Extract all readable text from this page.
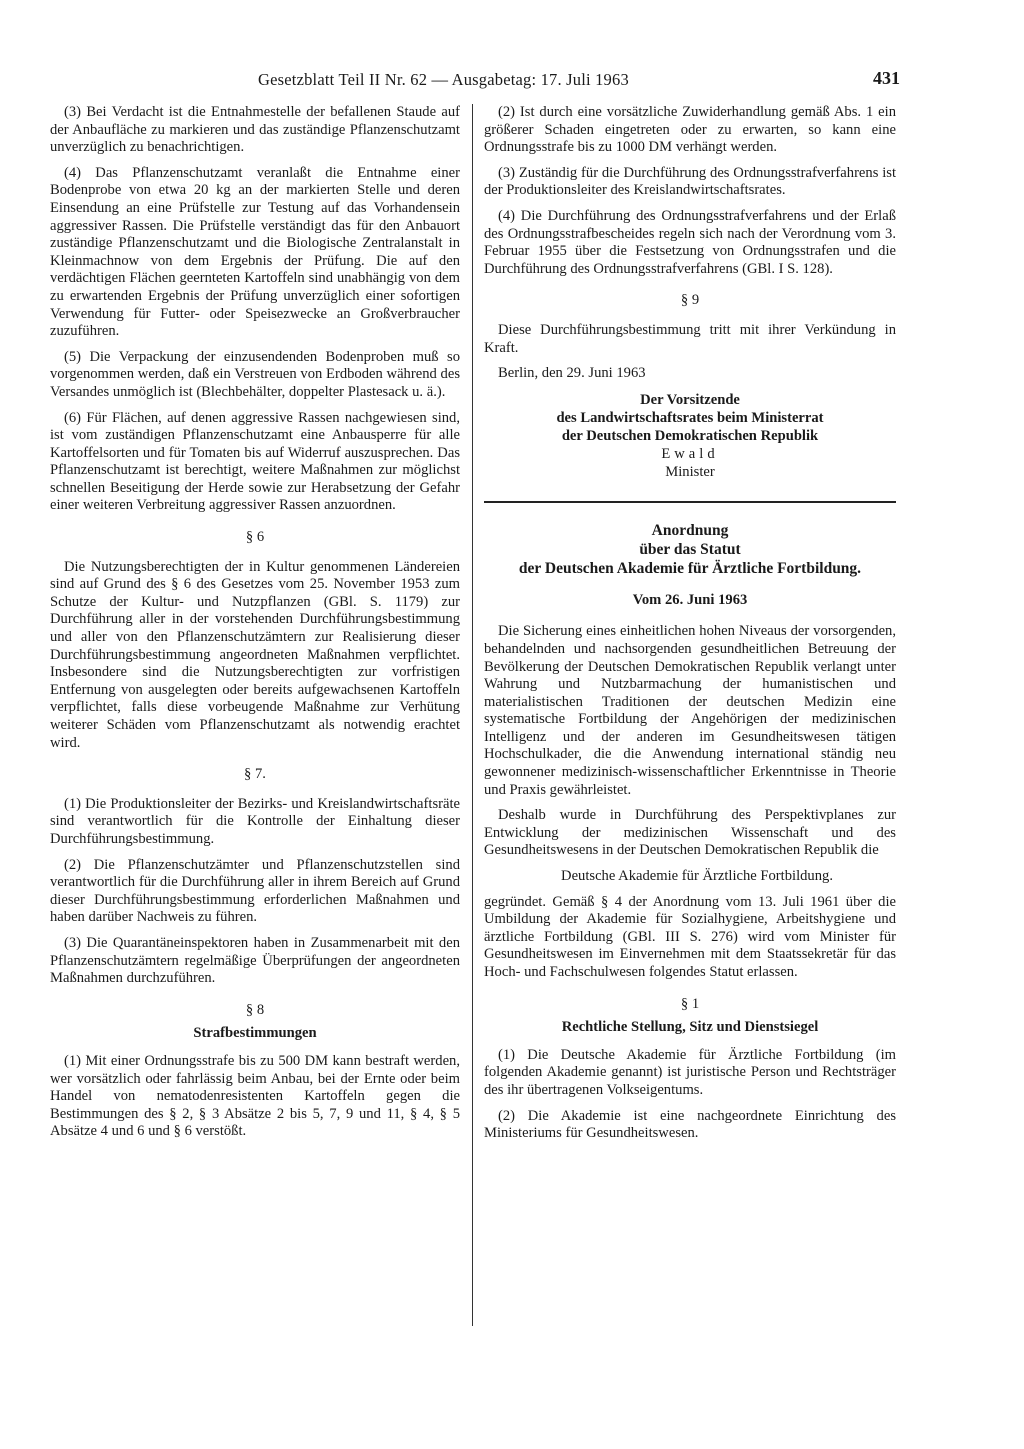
Gesetzblatt Teil II Nr. 62 — Ausgabetag: 17. Juli 1963	431

(3) Bei Verdacht ist die Entnahmestelle der befallenen Staude auf der Anbaufläche zu markieren und das zuständige Pflanzenschutzamt unverzüglich zu benachrichtigen.

(4) Das Pflanzenschutzamt veranlaßt die Entnahme einer Bodenprobe von etwa 20 kg an der markierten Stelle und deren Einsendung an eine Prüfstelle zur Testung auf das Vorhandensein aggressiver Rassen. Die Prüfstelle verständigt das für den Anbauort zuständige Pflanzenschutzamt und die Biologische Zentralanstalt in Kleinmachnow von dem Ergebnis der Prüfung. Die auf den verdächtigen Flächen geernteten Kartoffeln sind unabhängig von dem zu erwartenden Ergebnis der Prüfung unverzüglich einer sofortigen Verwendung für Futter- oder Speisezwecke an Großverbraucher zuzuführen.

(5) Die Verpackung der einzusendenden Bodenproben muß so vorgenommen werden, daß ein Verstreuen von Erdboden während des Versandes unmöglich ist (Blechbehälter, doppelter Plastesack u. ä.).

(6) Für Flächen, auf denen aggressive Rassen nachgewiesen sind, ist vom zuständigen Pflanzenschutzamt eine Anbausperre für alle Kartoffelsorten und für Tomaten bis auf Widerruf auszusprechen. Das Pflanzenschutzamt ist berechtigt, weitere Maßnahmen zur möglichst schnellen Beseitigung der Herde sowie zur Herabsetzung der Gefahr einer weiteren Verbreitung aggressiver Rassen anzuordnen.

§ 6

Die Nutzungsberechtigten der in Kultur genommenen Ländereien sind auf Grund des § 6 des Gesetzes vom 25. November 1953 zum Schutze der Kultur- und Nutzpflanzen (GBl. S. 1179) zur Durchführung aller in der vorstehenden Durchführungsbestimmung und aller von den Pflanzenschutzämtern zur Realisierung dieser Durchführungsbestimmung angeordneten Maßnahmen verpflichtet. Insbesondere sind die Nutzungsberechtigten zur vorfristigen Entfernung von ausgelegten oder bereits aufgewachsenen Kartoffeln verpflichtet, falls diese vorbeugende Maßnahme zur Verhütung weiterer Schäden vom Pflanzenschutzamt als notwendig erachtet wird.

§ 7.

(1) Die Produktionsleiter der Bezirks- und Kreislandwirtschaftsräte sind verantwortlich für die Kontrolle der Einhaltung dieser Durchführungsbestimmung.

(2) Die Pflanzenschutzämter und Pflanzenschutzstellen sind verantwortlich für die Durchführung aller in ihrem Bereich auf Grund dieser Durchführungsbestimmung erforderlichen Maßnahmen und haben darüber Nachweis zu führen.

(3) Die Quarantäneinspektoren haben in Zusammenarbeit mit den Pflanzenschutzämtern regelmäßige Überprüfungen der angeordneten Maßnahmen durchzuführen.

§ 8
Strafbestimmungen

(1) Mit einer Ordnungsstrafe bis zu 500 DM kann bestraft werden, wer vorsätzlich oder fahrlässig beim Anbau, bei der Ernte oder beim Handel von nematodenresistenten Kartoffeln gegen die Bestimmungen des § 2, § 3 Absätze 2 bis 5, 7, 9 und 11, § 4, § 5 Absätze 4 und 6 und § 6 verstößt.

(2) Ist durch eine vorsätzliche Zuwiderhandlung gemäß Abs. 1 ein größerer Schaden eingetreten oder zu erwarten, so kann eine Ordnungsstrafe bis zu 1000 DM verhängt werden.

(3) Zuständig für die Durchführung des Ordnungsstrafverfahrens ist der Produktionsleiter des Kreislandwirtschaftsrates.

(4) Die Durchführung des Ordnungsstrafverfahrens und der Erlaß des Ordnungsstrafbescheides regeln sich nach der Verordnung vom 3. Februar 1955 über die Festsetzung von Ordnungsstrafen und die Durchführung des Ordnungsstrafverfahrens (GBl. I S. 128).

§ 9

Diese Durchführungsbestimmung tritt mit ihrer Verkündung in Kraft.

Berlin, den 29. Juni 1963

Der Vorsitzende
des Landwirtschaftsrates beim Ministerrat
der Deutschen Demokratischen Republik
Ewald
Minister
Anordnung
über das Statut
der Deutschen Akademie für Ärztliche Fortbildung.
Vom 26. Juni 1963

Die Sicherung eines einheitlichen hohen Niveaus der vorsorgenden, behandelnden und nachsorgenden gesundheitlichen Betreuung der Bevölkerung der Deutschen Demokratischen Republik verlangt unter Wahrung und Nutzbarmachung der humanistischen und materialistischen Traditionen der deutschen Medizin eine systematische Fortbildung der Angehörigen der medizinischen Intelligenz und der anderen im Gesundheitswesen tätigen Hochschulkader, die die Anwendung international ständig neu gewonnener medizinisch-wissenschaftlicher Erkenntnisse in Theorie und Praxis gewährleistet.

Deshalb wurde in Durchführung des Perspektivplanes zur Entwicklung der medizinischen Wissenschaft und des Gesundheitswesens in der Deutschen Demokratischen Republik die

Deutsche Akademie für Ärztliche Fortbildung.

gegründet. Gemäß § 4 der Anordnung vom 13. Juli 1961 über die Umbildung der Akademie für Sozialhygiene, Arbeitshygiene und ärztliche Fortbildung (GBl. III S. 276) wird vom Minister für Gesundheitswesen im Einvernehmen mit dem Staatssekretär für das Hoch- und Fachschulwesen folgendes Statut erlassen.

§ 1
Rechtliche Stellung, Sitz und Dienstsiegel

(1) Die Deutsche Akademie für Ärztliche Fortbildung (im folgenden Akademie genannt) ist juristische Person und Rechtsträger des ihr übertragenen Volkseigentums.

(2) Die Akademie ist eine nachgeordnete Einrichtung des Ministeriums für Gesundheitswesen.
